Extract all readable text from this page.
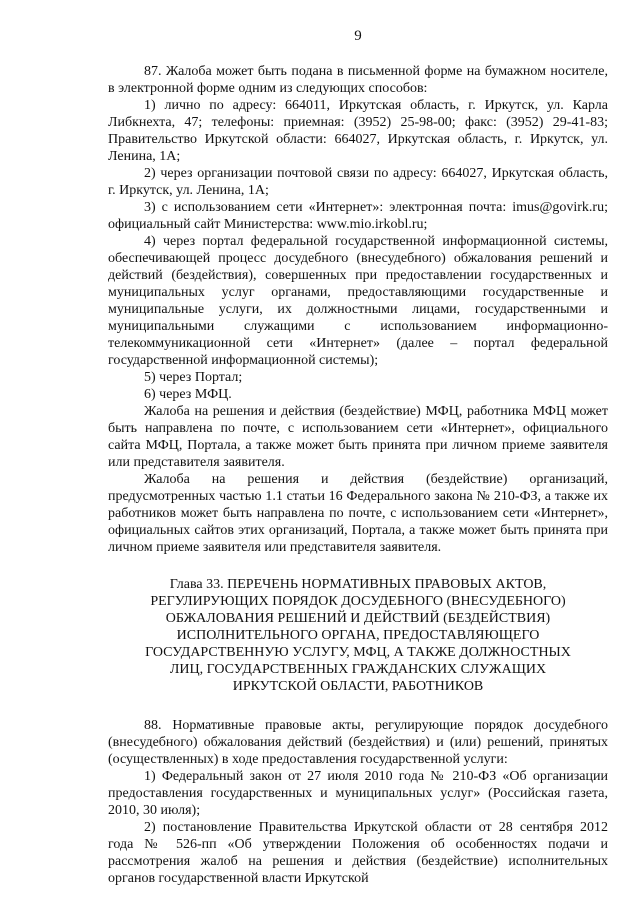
9

87. Жалоба может быть подана в письменной форме на бумажном носителе, в электронной форме одним из следующих способов:

1) лично по адресу: 664011, Иркутская область, г. Иркутск, ул. Карла Либкнехта, 47; телефоны: приемная: (3952) 25-98-00; факс: (3952) 29-41-83; Правительство Иркутской области: 664027, Иркутская область, г. Иркутск, ул. Ленина, 1А;

2) через организации почтовой связи по адресу: 664027, Иркутская область, г. Иркутск, ул. Ленина, 1А;

3) с использованием сети «Интернет»: электронная почта: imus@govirk.ru; официальный сайт Министерства: www.mio.irkobl.ru;

4) через портал федеральной государственной информационной системы, обеспечивающей процесс досудебного (внесудебного) обжалования решений и действий (бездействия), совершенных при предоставлении государственных и муниципальных услуг органами, предоставляющими государственные и муниципальные услуги, их должностными лицами, государственными и муниципальными служащими с использованием информационно-телекоммуникационной сети «Интернет» (далее – портал федеральной государственной информационной системы);

5) через Портал;

6) через МФЦ.

Жалоба на решения и действия (бездействие) МФЦ, работника МФЦ может быть направлена по почте, с использованием сети «Интернет», официального сайта МФЦ, Портала, а также может быть принята при личном приеме заявителя или представителя заявителя.

Жалоба на решения и действия (бездействие) организаций, предусмотренных частью 1.1 статьи 16 Федерального закона № 210-ФЗ, а также их работников может быть направлена по почте, с использованием сети «Интернет», официальных сайтов этих организаций, Портала, а также может быть принята при личном приеме заявителя или представителя заявителя.

Глава 33. ПЕРЕЧЕНЬ НОРМАТИВНЫХ ПРАВОВЫХ АКТОВ,
РЕГУЛИРУЮЩИХ ПОРЯДОК ДОСУДЕБНОГО (ВНЕСУДЕБНОГО)
ОБЖАЛОВАНИЯ РЕШЕНИЙ И ДЕЙСТВИЙ (БЕЗДЕЙСТВИЯ)
ИСПОЛНИТЕЛЬНОГО ОРГАНА, ПРЕДОСТАВЛЯЮЩЕГО
ГОСУДАРСТВЕННУЮ УСЛУГУ, МФЦ, А ТАКЖЕ ДОЛЖНОСТНЫХ
ЛИЦ, ГОСУДАРСТВЕННЫХ ГРАЖДАНСКИХ СЛУЖАЩИХ
ИРКУТСКОЙ ОБЛАСТИ, РАБОТНИКОВ

88. Нормативные правовые акты, регулирующие порядок досудебного (внесудебного) обжалования действий (бездействия) и (или) решений, принятых (осуществленных) в ходе предоставления государственной услуги:

1) Федеральный закон от 27 июля 2010 года № 210-ФЗ «Об организации предоставления государственных и муниципальных услуг» (Российская газета, 2010, 30 июля);

2) постановление Правительства Иркутской области от 28 сентября 2012 года № 526-пп «Об утверждении Положения об особенностях подачи и рассмотрения жалоб на решения и действия (бездействие) исполнительных органов государственной власти Иркутской
